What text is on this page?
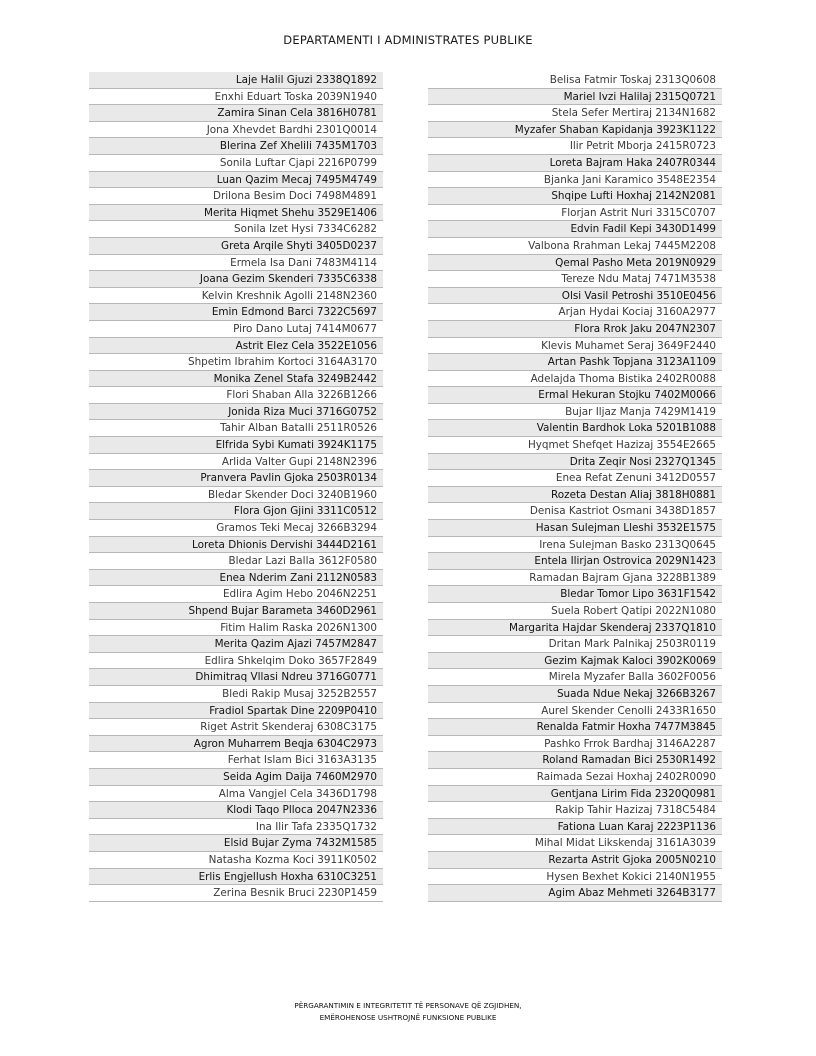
DEPARTAMENTI I ADMINISTRATES PUBLIKE
Laje Halil Gjuzi 2338Q1892
Enxhi Eduart Toska 2039N1940
Zamira Sinan Cela 3816H0781
Jona Xhevdet Bardhi 2301Q0014
Blerina Zef Xhelili 7435M1703
Sonila Luftar Cjapi 2216P0799
Luan Qazim Mecaj 7495M4749
Drilona Besim Doci 7498M4891
Merita Hiqmet Shehu 3529E1406
Sonila Izet Hysi 7334C6282
Greta Arqile Shyti 3405D0237
Ermela Isa Dani 7483M4114
Joana Gezim Skenderi 7335C6338
Kelvin Kreshnik Agolli 2148N2360
Emin Edmond Barci 7322C5697
Piro Dano Lutaj 7414M0677
Astrit Elez Cela 3522E1056
Shpetim Ibrahim Kortoci 3164A3170
Monika Zenel Stafa 3249B2442
Flori Shaban Alla 3226B1266
Jonida Riza Muci 3716G0752
Tahir Alban Batalli 2511R0526
Elfrida Sybi Kumati 3924K1175
Arlida Valter Gupi 2148N2396
Pranvera Pavlin Gjoka 2503R0134
Bledar Skender Doci 3240B1960
Flora Gjon Gjini 3311C0512
Gramos Teki Mecaj 3266B3294
Loreta Dhionis Dervishi 3444D2161
Bledar Lazi Balla 3612F0580
Enea Nderim Zani 2112N0583
Edlira Agim Hebo 2046N2251
Shpend Bujar Barameta 3460D2961
Fitim Halim Raska 2026N1300
Merita Qazim Ajazi 7457M2847
Edlira Shkelqim Doko 3657F2849
Dhimitraq Vllasi Ndreu 3716G0771
Bledi Rakip Musaj 3252B2557
Fradiol Spartak Dine 2209P0410
Riget Astrit Skenderaj 6308C3175
Agron Muharrem Beqja 6304C2973
Ferhat Islam Bici 3163A3135
Seida Agim Daija 7460M2970
Alma Vangjel Cela 3436D1798
Klodi Taqo Plloca 2047N2336
Ina Ilir Tafa 2335Q1732
Elsid Bujar Zyma 7432M1585
Natasha Kozma Koci 3911K0502
Erlis Engjellush Hoxha 6310C3251
Zerina Besnik Bruci 2230P1459
Belisa Fatmir Toskaj 2313Q0608
Mariel Ivzi Halilaj 2315Q0721
Stela Sefer Mertiraj 2134N1682
Myzafer Shaban Kapidanja 3923K1122
Ilir Petrit Mborja 2415R0723
Loreta Bajram Haka 2407R0344
Bjanka Jani Karamico 3548E2354
Shqipe Lufti Hoxhaj 2142N2081
Florjan Astrit Nuri 3315C0707
Edvin Fadil Kepi 3430D1499
Valbona Rrahman Lekaj 7445M2208
Qemal Pasho Meta 2019N0929
Tereze Ndu Mataj 7471M3538
Olsi Vasil Petroshi 3510E0456
Arjan Hydai Kociaj 3160A2977
Flora Rrok Jaku 2047N2307
Klevis Muhamet Seraj 3649F2440
Artan Pashk Topjana 3123A1109
Adelajda Thoma Bistika 2402R0088
Ermal Hekuran Stojku 7402M0066
Bujar Iljaz Manja 7429M1419
Valentin Bardhok Loka 5201B1088
Hyqmet Shefqet Hazizaj 3554E2665
Drita Zeqir Nosi 2327Q1345
Enea Refat Zenuni 3412D0557
Rozeta Destan Aliaj 3818H0881
Denisa Kastriot Osmani 3438D1857
Hasan Sulejman Lleshi 3532E1575
Irena Sulejman Basko 2313Q0645
Entela Ilirjan Ostrovica 2029N1423
Ramadan Bajram Gjana 3228B1389
Bledar Tomor Lipo 3631F1542
Suela Robert Qatipi 2022N1080
Margarita Hajdar Skenderaj 2337Q1810
Dritan Mark Palnikaj 2503R0119
Gezim Kajmak Kaloci 3902K0069
Mirela Myzafer Balla 3602F0056
Suada Ndue Nekaj 3266B3267
Aurel Skender Cenolli 2433R1650
Renalda Fatmir Hoxha 7477M3845
Pashko Frrok Bardhaj 3146A2287
Roland Ramadan Bici 2530R1492
Raimada Sezai Hoxhaj 2402R0090
Gentjana Lirim Fida 2320Q0981
Rakip Tahir Hazizaj 7318C5484
Fationa Luan Karaj 2223P1136
Mihal Midat Likskendaj 3161A3039
Rezarta Astrit Gjoka 2005N0210
Hysen Bexhet Kokici 2140N1955
Agim Abaz Mehmeti 3264B3177
PËRGARANTIMIN E INTEGRITETIT TË PERSONAVE QË ZGJIDHEN,
EMËROHENOSE USHTROJNË FUNKSIONE PUBLIKE
